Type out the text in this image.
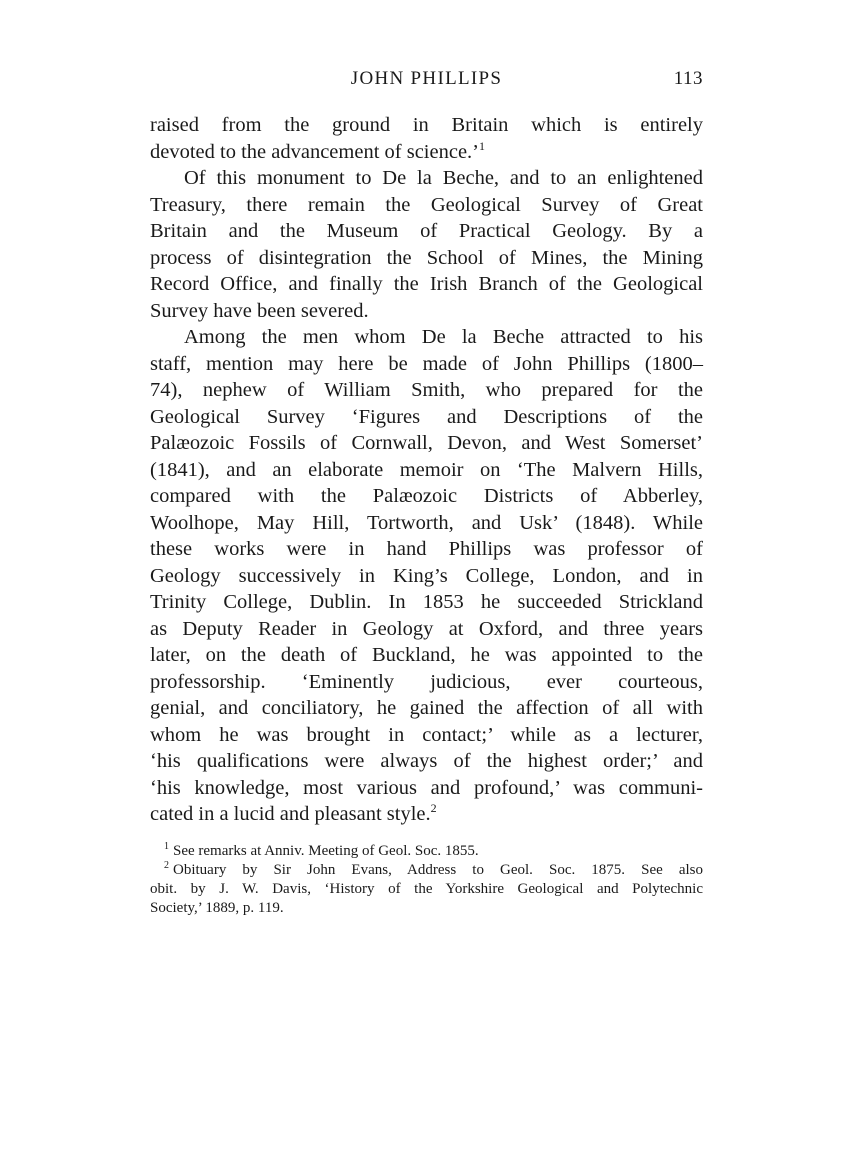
JOHN PHILLIPS	113
raised from the ground in Britain which is entirely
devoted to the advancement of science.’$^1$
Of this monument to De la Beche, and to an enlightened
Treasury, there remain the Geological Survey of Great
Britain and the Museum of Practical Geology. By a
process of disintegration the School of Mines, the Mining
Record Office, and finally the Irish Branch of the Geological
Survey have been severed.
Among the men whom De la Beche attracted to his
staff, mention may here be made of John Phillips (1800–
74), nephew of William Smith, who prepared for the
Geological Survey ‘Figures and Descriptions of the
Palæozoic Fossils of Cornwall, Devon, and West Somerset’
(1841), and an elaborate memoir on ‘The Malvern Hills,
compared with the Palæozoic Districts of Abberley,
Woolhope, May Hill, Tortworth, and Usk’ (1848). While
these works were in hand Phillips was professor of
Geology successively in King’s College, London, and in
Trinity College, Dublin. In 1853 he succeeded Strickland
as Deputy Reader in Geology at Oxford, and three years
later, on the death of Buckland, he was appointed to the
professorship. ‘Eminently judicious, ever courteous,
genial, and conciliatory, he gained the affection of all with
whom he was brought in contact;’ while as a lecturer,
‘his qualifications were always of the highest order;’ and
‘his knowledge, most various and profound,’ was communi-
cated in a lucid and pleasant style.$^2$
$^1$ See remarks at Anniv. Meeting of Geol. Soc. 1855.
$^2$ Obituary by Sir John Evans, Address to Geol. Soc. 1875. See also
obit. by J. W. Davis, ‘History of the Yorkshire Geological and Polytechnic
Society,’ 1889, p. 119.
